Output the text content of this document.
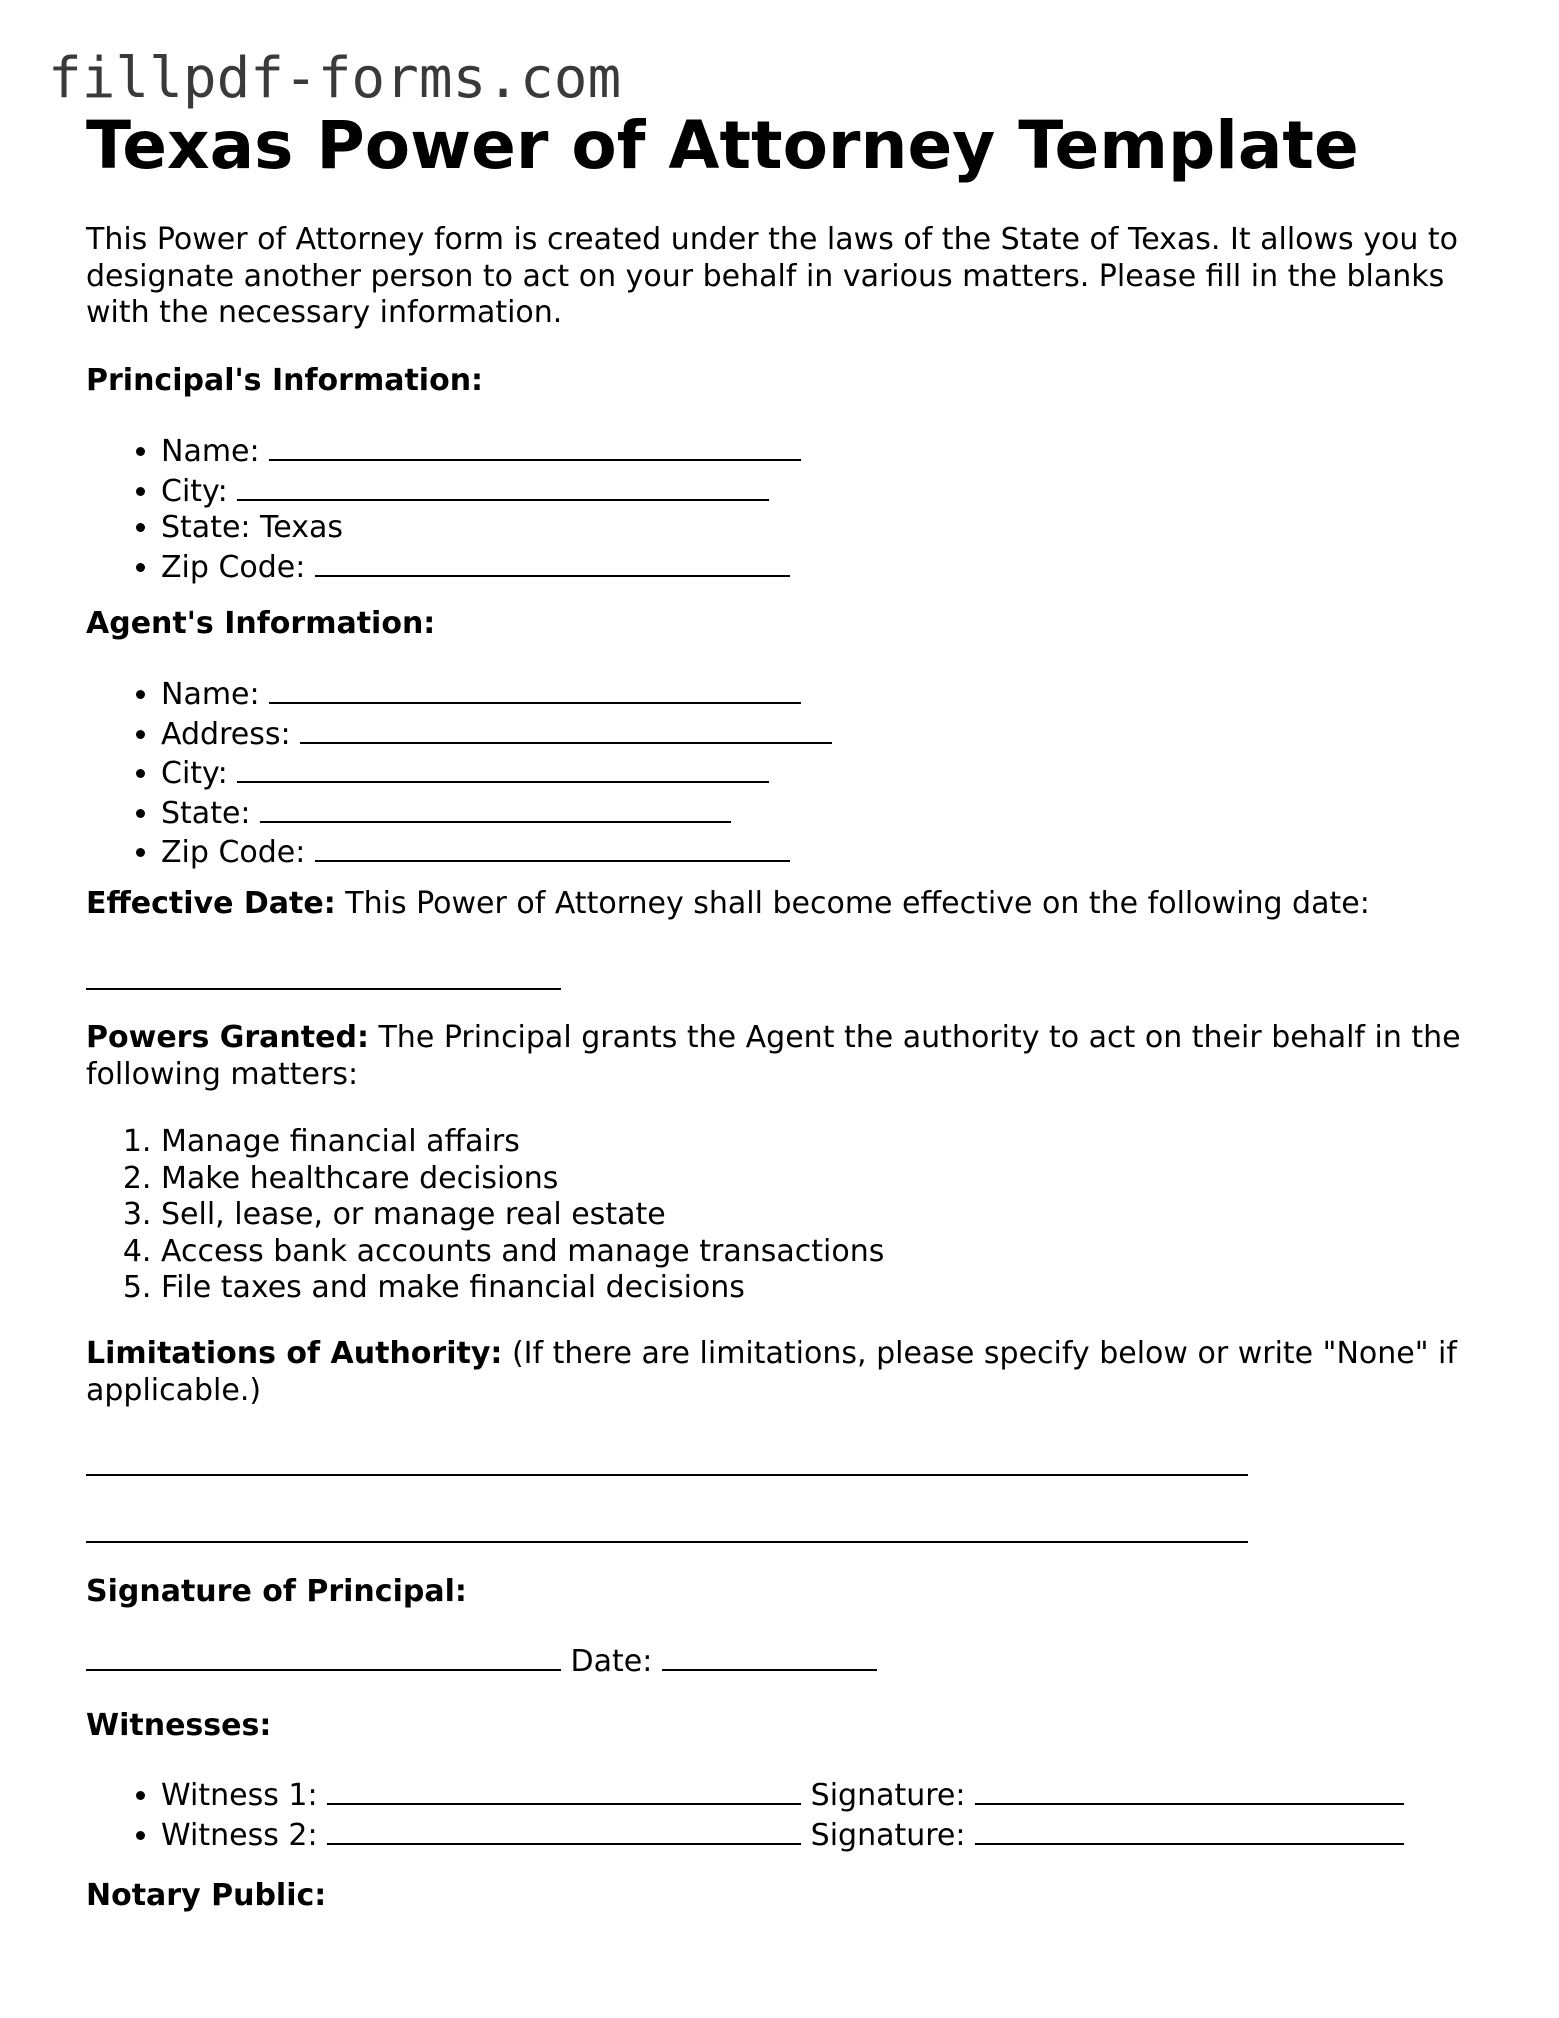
fillpdf-forms.com
Texas Power of Attorney Template
This Power of Attorney form is created under the laws of the State of Texas. It allows you to designate another person to act on your behalf in various matters. Please fill in the blanks with the necessary information.
Principal's Information:
• Name:
• City:
• State: Texas
• Zip Code:
Agent's Information:
• Name:
• Address:
• City:
• State:
• Zip Code:
Effective Date: This Power of Attorney shall become effective on the following date:
Powers Granted: The Principal grants the Agent the authority to act on their behalf in the following matters:
1. Manage financial affairs
2. Make healthcare decisions
3. Sell, lease, or manage real estate
4. Access bank accounts and manage transactions
5. File taxes and make financial decisions
Limitations of Authority: (If there are limitations, please specify below or write "None" if applicable.)
Signature of Principal:
Date:
Witnesses:
• Witness 1:	Signature:
• Witness 2:	Signature:
Notary Public:
